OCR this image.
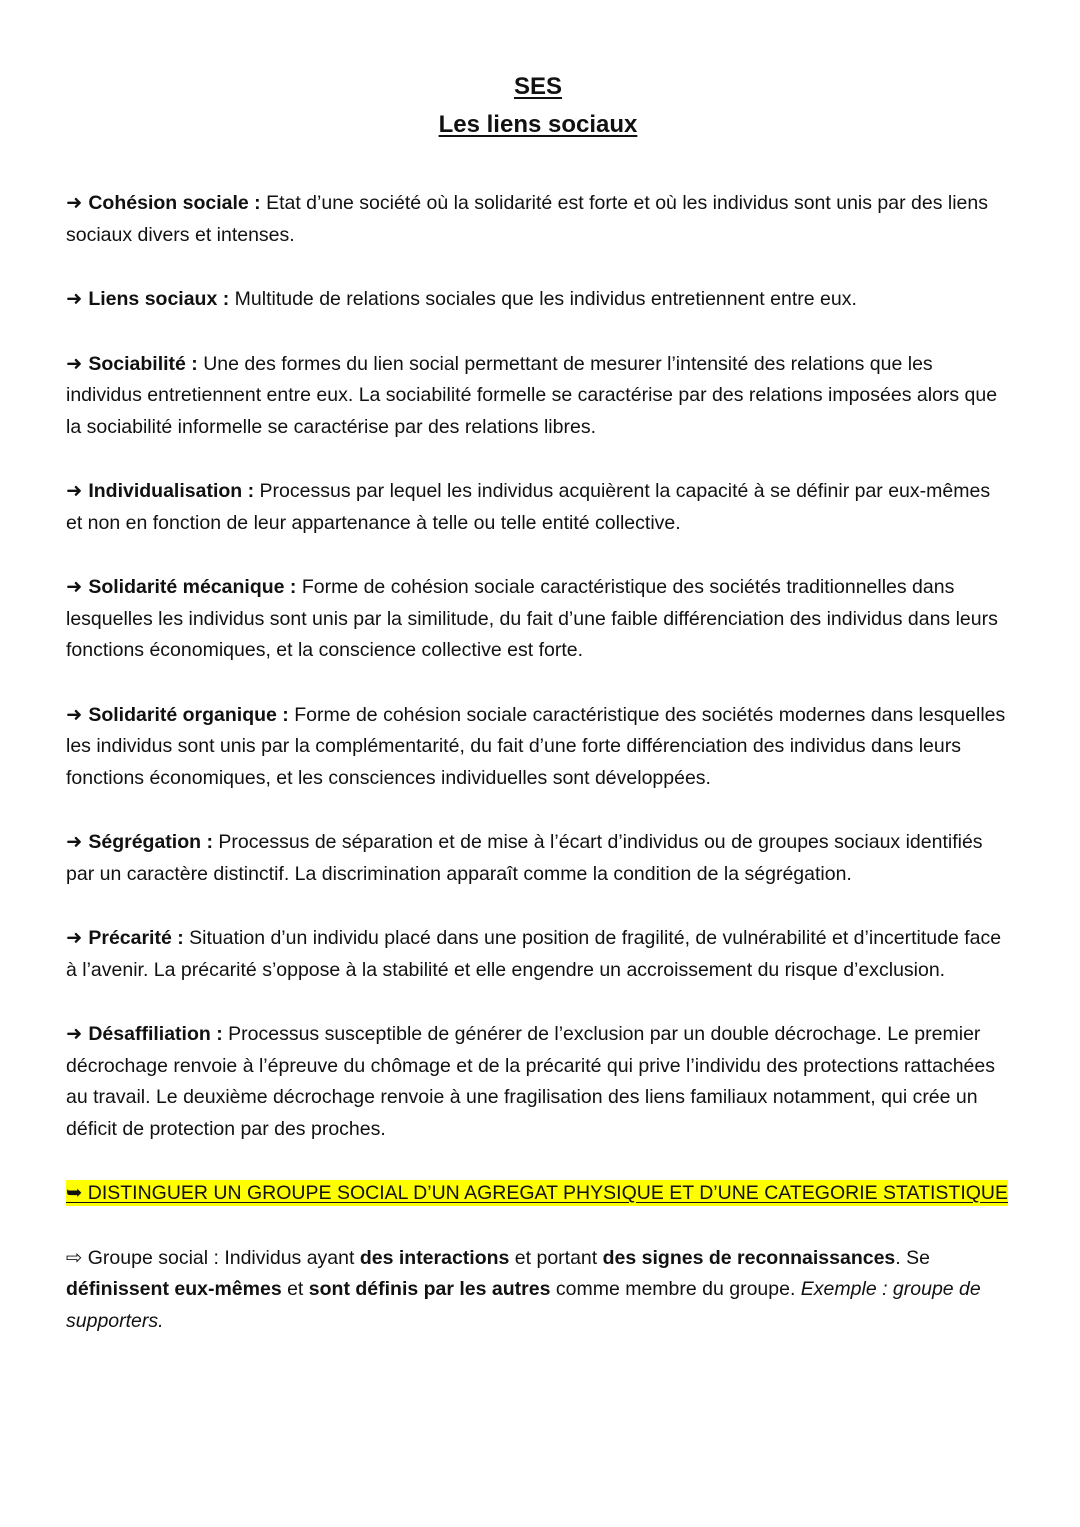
SES
Les liens sociaux

➜ Cohésion sociale : Etat d’une société où la solidarité est forte et où les individus sont unis par des liens sociaux divers et intenses.

➜ Liens sociaux : Multitude de relations sociales que les individus entretiennent entre eux.

➜ Sociabilité : Une des formes du lien social permettant de mesurer l’intensité des relations que les individus entretiennent entre eux. La sociabilité formelle se caractérise par des relations imposées alors que la sociabilité informelle se caractérise par des relations libres.

➜ Individualisation : Processus par lequel les individus acquièrent la capacité à se définir par eux-mêmes et non en fonction de leur appartenance à telle ou telle entité collective.

➜ Solidarité mécanique : Forme de cohésion sociale caractéristique des sociétés traditionnelles dans lesquelles les individus sont unis par la similitude, du fait d’une faible différenciation des individus dans leurs fonctions économiques, et la conscience collective est forte.

➜ Solidarité organique : Forme de cohésion sociale caractéristique des sociétés modernes dans lesquelles les individus sont unis par la complémentarité, du fait d’une forte différenciation des individus dans leurs fonctions économiques, et les consciences individuelles sont développées.

➜ Ségrégation : Processus de séparation et de mise à l’écart d’individus ou de groupes sociaux identifiés par un caractère distinctif. La discrimination apparaît comme la condition de la ségrégation.

➜ Précarité : Situation d’un individu placé dans une position de fragilité, de vulnérabilité et d’incertitude face à l’avenir. La précarité s’oppose à la stabilité et elle engendre un accroissement du risque d’exclusion.

➜ Désaffiliation : Processus susceptible de générer de l’exclusion par un double décrochage. Le premier décrochage renvoie à l’épreuve du chômage et de la précarité qui prive l’individu des protections rattachées au travail. Le deuxième décrochage renvoie à une fragilisation des liens familiaux notamment, qui crée un déficit de protection par des proches.

➥ DISTINGUER UN GROUPE SOCIAL D’UN AGREGAT PHYSIQUE ET D’UNE CATEGORIE STATISTIQUE

⇨ Groupe social : Individus ayant des interactions et portant des signes de reconnaissances. Se définissent eux-mêmes et sont définis par les autres comme membre du groupe. Exemple : groupe de supporters.
